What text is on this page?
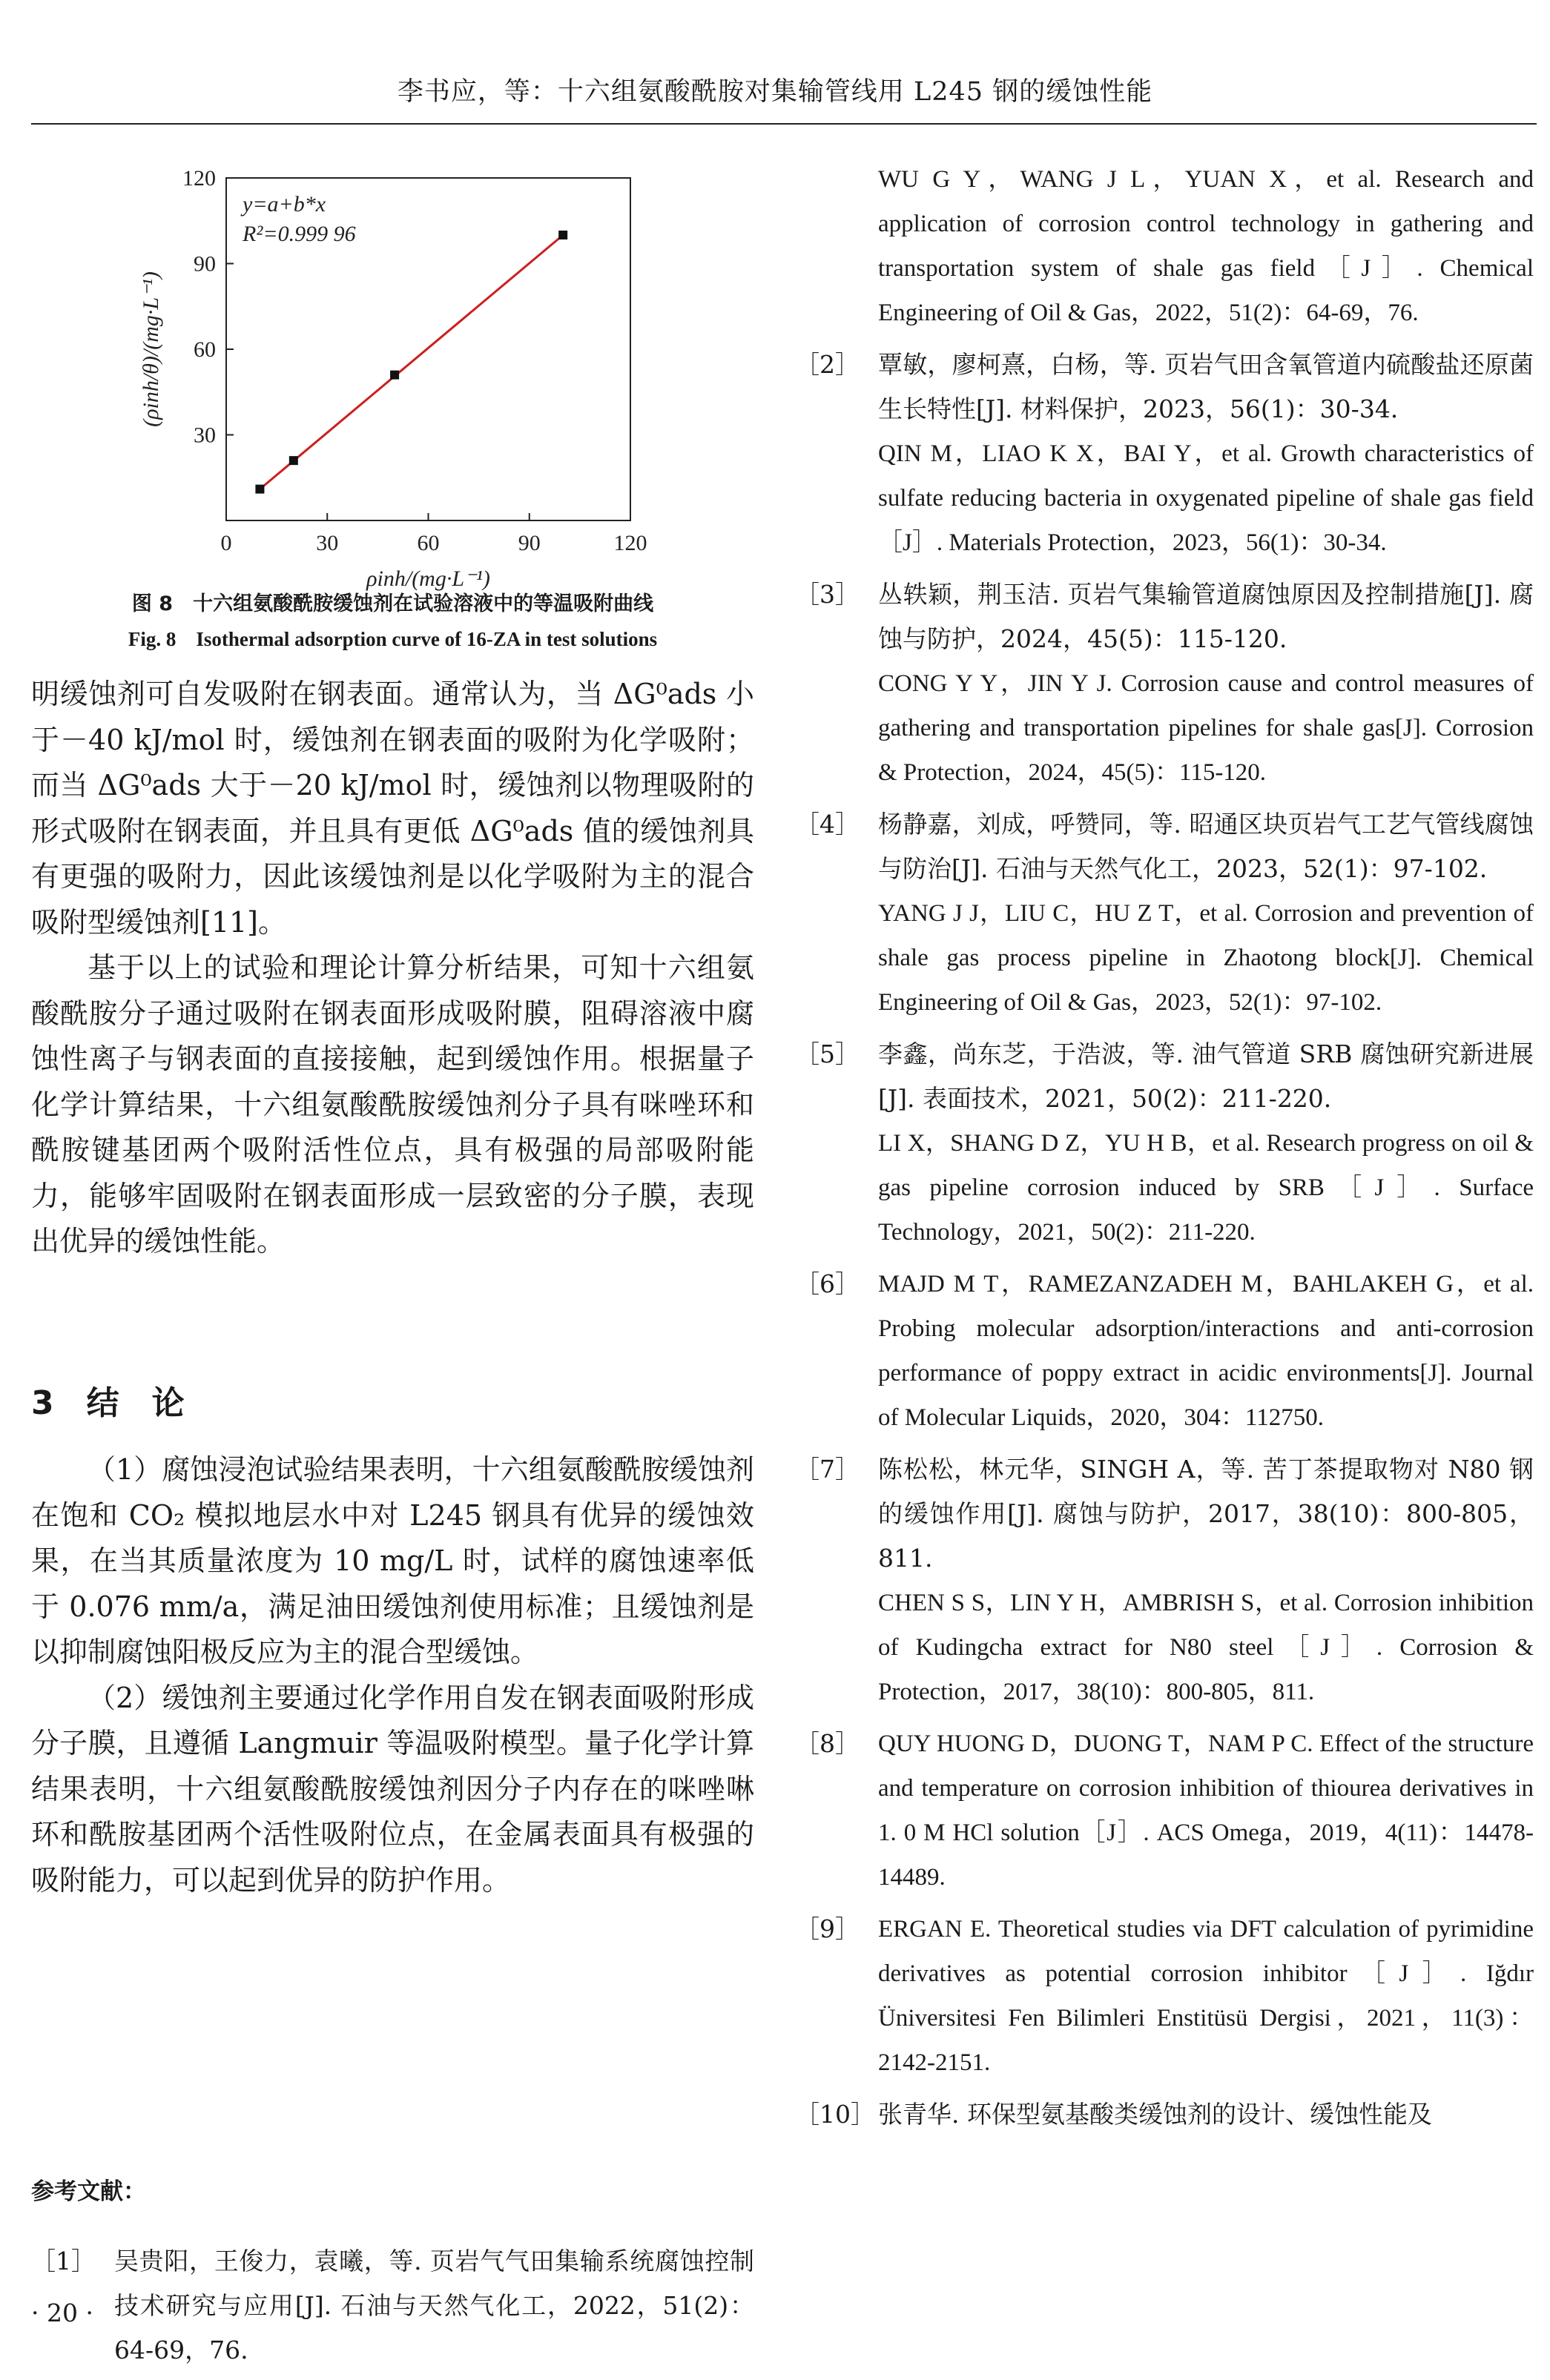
李书应，等：十六组氨酸酰胺对集输管线用 L245 钢的缓蚀性能
0	30	60	90	120
30
60
90
120
y=a+b*x
R²=0.999 96
ρinh/(mg·L⁻¹)
(ρinh/θ)/(mg·L⁻¹)
图 8　十六组氨酸酰胺缓蚀剂在试验溶液中的等温吸附曲线
Fig. 8　Isothermal adsorption curve of 16-ZA in test solutions

明缓蚀剂可自发吸附在钢表面。通常认为，当 ΔG⁰ads 小于－40 kJ/mol 时，缓蚀剂在钢表面的吸附为化学吸附；而当 ΔG⁰ads 大于－20 kJ/mol 时，缓蚀剂以物理吸附的形式吸附在钢表面，并且具有更低 ΔG⁰ads 值的缓蚀剂具有更强的吸附力，因此该缓蚀剂是以化学吸附为主的混合吸附型缓蚀剂[11]。

基于以上的试验和理论计算分析结果，可知十六组氨酸酰胺分子通过吸附在钢表面形成吸附膜，阻碍溶液中腐蚀性离子与钢表面的直接接触，起到缓蚀作用。根据量子化学计算结果，十六组氨酸酰胺缓蚀剂分子具有咪唑环和酰胺键基团两个吸附活性位点，具有极强的局部吸附能力，能够牢固吸附在钢表面形成一层致密的分子膜，表现出优异的缓蚀性能。

3　结　论

（1）腐蚀浸泡试验结果表明，十六组氨酸酰胺缓蚀剂在饱和 CO₂ 模拟地层水中对 L245 钢具有优异的缓蚀效果，在当其质量浓度为 10 mg/L 时，试样的腐蚀速率低于 0.076 mm/a，满足油田缓蚀剂使用标准；且缓蚀剂是以抑制腐蚀阳极反应为主的混合型缓蚀。

（2）缓蚀剂主要通过化学作用自发在钢表面吸附形成分子膜，且遵循 Langmuir 等温吸附模型。量子化学计算结果表明，十六组氨酸酰胺缓蚀剂因分子内存在的咪唑啉环和酰胺基团两个活性吸附位点，在金属表面具有极强的吸附能力，可以起到优异的防护作用。

参考文献：
［1］ 吴贵阳，王俊力，袁曦，等. 页岩气气田集输系统腐蚀控制技术研究与应用[J]. 石油与天然气化工，2022，51(2)：64-69，76.
WU G Y，WANG J L，YUAN X，et al. Research and application of corrosion control technology in gathering and transportation system of shale gas field［J］. Chemical Engineering of Oil & Gas，2022，51(2)：64-69，76.
［2］ 覃敏，廖柯熹，白杨，等. 页岩气田含氧管道内硫酸盐还原菌生长特性[J]. 材料保护，2023，56(1)：30-34.
QIN M，LIAO K X，BAI Y，et al. Growth characteristics of sulfate reducing bacteria in oxygenated pipeline of shale gas field［J］. Materials Protection，2023，56(1)：30-34.
［3］ 丛轶颖，荆玉洁. 页岩气集输管道腐蚀原因及控制措施[J]. 腐蚀与防护，2024，45(5)：115-120.
CONG Y Y，JIN Y J. Corrosion cause and control measures of gathering and transportation pipelines for shale gas[J]. Corrosion & Protection，2024，45(5)：115-120.
［4］ 杨静嘉，刘成，呼赞同，等. 昭通区块页岩气工艺气管线腐蚀与防治[J]. 石油与天然气化工，2023，52(1)：97-102.
YANG J J，LIU C，HU Z T，et al. Corrosion and prevention of shale gas process pipeline in Zhaotong block[J]. Chemical Engineering of Oil & Gas，2023，52(1)：97-102.
［5］ 李鑫，尚东芝，于浩波，等. 油气管道 SRB 腐蚀研究新进展[J]. 表面技术，2021，50(2)：211-220.
LI X，SHANG D Z，YU H B，et al. Research progress on oil & gas pipeline corrosion induced by SRB［J］. Surface Technology，2021，50(2)：211-220.
［6］ MAJD M T，RAMEZANZADEH M，BAHLAKEH G，et al. Probing molecular adsorption/interactions and anti-corrosion performance of poppy extract in acidic environments[J]. Journal of Molecular Liquids，2020，304：112750.
［7］ 陈松松，林元华，SINGH A，等. 苦丁茶提取物对 N80 钢的缓蚀作用[J]. 腐蚀与防护，2017，38(10)：800-805，811.
CHEN S S，LIN Y H，AMBRISH S，et al. Corrosion inhibition of Kudingcha extract for N80 steel［J］. Corrosion & Protection，2017，38(10)：800-805，811.
［8］ QUY HUONG D，DUONG T，NAM P C. Effect of the structure and temperature on corrosion inhibition of thiourea derivatives in 1. 0 M HCl solution［J］. ACS Omega，2019，4(11)：14478-14489.
［9］ ERGAN E. Theoretical studies via DFT calculation of pyrimidine derivatives as potential corrosion inhibitor［J］. Iğdır Üniversitesi Fen Bilimleri Enstitüsü Dergisi，2021，11(3)：2142-2151.
［10］ 张青华. 环保型氨基酸类缓蚀剂的设计、缓蚀性能及
· 20 ·
